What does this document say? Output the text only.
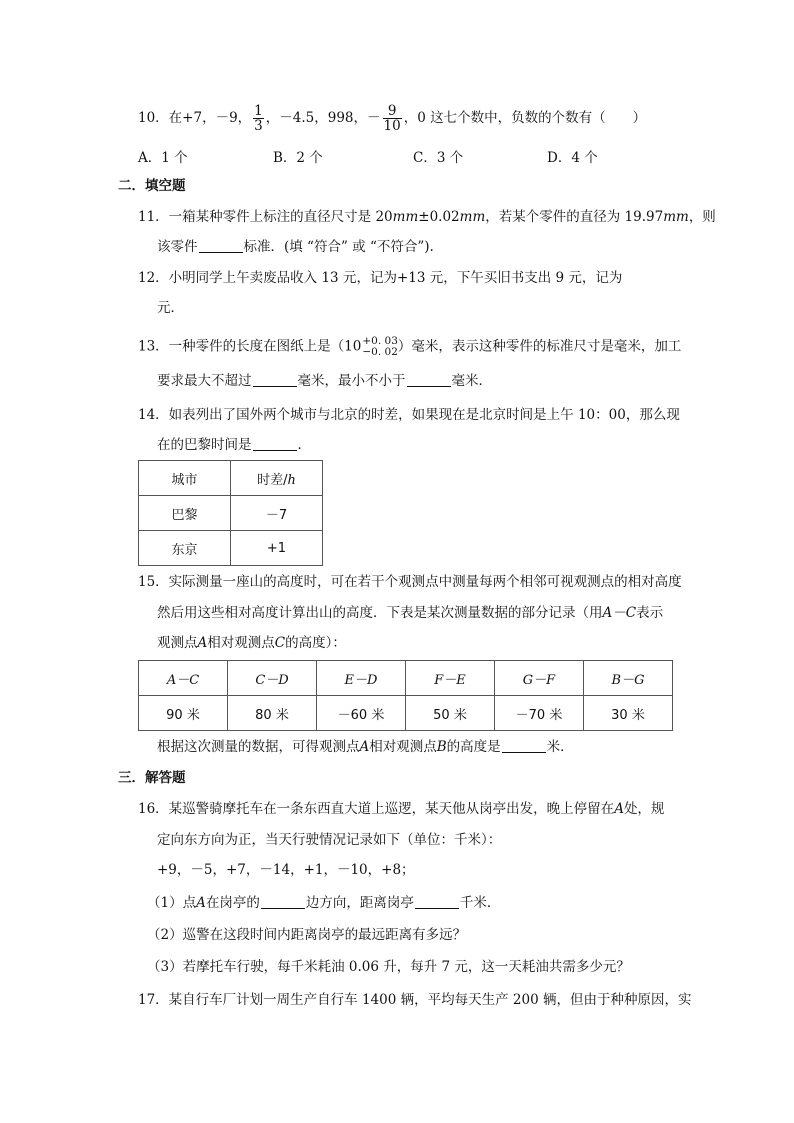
10．在+7，－9， $\frac{1}{3}$ ，－4.5，998，－ $\frac{9}{10}$ ，0 这七个数中，负数的个数有（　　）
A．1 个	B．2 个	C．3 个	D．4 个
二．填空题
11．一箱某种零件上标注的直径尺寸是 20mm±0.02mm，若某个零件的直径为 19.97mm，则
该零件	标准．(填 “符合” 或 “不符合”).
12．小明同学上午卖废品收入 13 元，记为+13 元，下午买旧书支出 9 元，记为
元．
13．一种零件的长度在图纸上是（10 +0. 03
−0. 02 ）毫米，表示这种零件的标准尺寸是毫米，加工
要求最大不超过	毫米，最小不小于	毫米．
14．如表列出了国外两个城市与北京的时差，如果现在是北京时间是上午 10：00，那么现
在的巴黎时间是	．
城市	时差/h
巴黎	－7
东京	+1
15．实际测量一座山的高度时，可在若干个观测点中测量每两个相邻可视观测点的相对高度
然后用这些相对高度计算出山的高度．下表是某次测量数据的部分记录（用A－C表示
观测点A相对观测点C的高度）：
A－C	C－D	E－D	F－E	G－F	B－G
90 米	80 米	－60 米	50 米	－70 米	30 米
根据这次测量的数据，可得观测点A相对观测点B的高度是	米．
三．解答题
16．某巡警骑摩托车在一条东西直大道上巡逻，某天他从岗亭出发，晚上停留在A处，规
定向东方向为正，当天行驶情况记录如下（单位：千米）：
+9，－5，+7，－14，+1，－10，+8；
（1）点A在岗亭的	边方向，距离岗亭	千米．
（2）巡警在这段时间内距离岗亭的最远距离有多远？
（3）若摩托车行驶，每千米耗油 0.06 升，每升 7 元，这一天耗油共需多少元？
17．某自行车厂计划一周生产自行车 1400 辆，平均每天生产 200 辆，但由于种种原因，实
